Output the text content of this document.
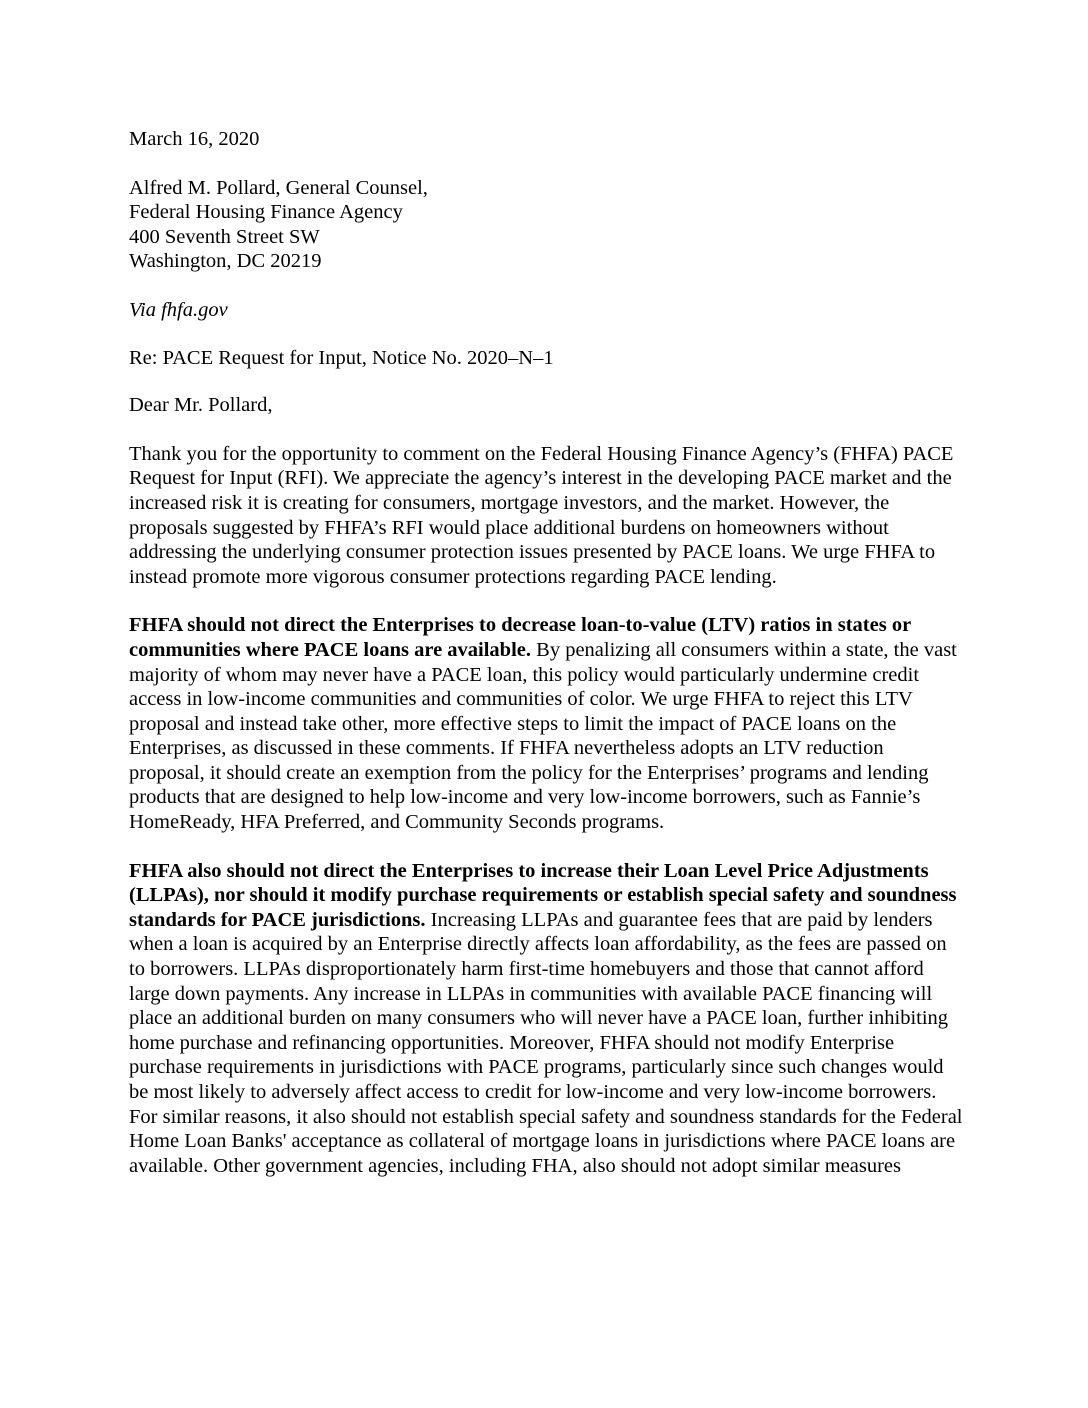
March 16, 2020

Alfred M. Pollard, General Counsel,
Federal Housing Finance Agency
400 Seventh Street SW
Washington, DC 20219

Via fhfa.gov

Re: PACE Request for Input, Notice No. 2020–N–1

Dear Mr. Pollard,

Thank you for the opportunity to comment on the Federal Housing Finance Agency’s (FHFA) PACE Request for Input (RFI). We appreciate the agency’s interest in the developing PACE market and the increased risk it is creating for consumers, mortgage investors, and the market. However, the proposals suggested by FHFA’s RFI would place additional burdens on homeowners without addressing the underlying consumer protection issues presented by PACE loans. We urge FHFA to instead promote more vigorous consumer protections regarding PACE lending.

FHFA should not direct the Enterprises to decrease loan-to-value (LTV) ratios in states or communities where PACE loans are available. By penalizing all consumers within a state, the vast majority of whom may never have a PACE loan, this policy would particularly undermine credit access in low-income communities and communities of color. We urge FHFA to reject this LTV proposal and instead take other, more effective steps to limit the impact of PACE loans on the Enterprises, as discussed in these comments. If FHFA nevertheless adopts an LTV reduction proposal, it should create an exemption from the policy for the Enterprises’ programs and lending products that are designed to help low-income and very low-income borrowers, such as Fannie’s HomeReady, HFA Preferred, and Community Seconds programs.

FHFA also should not direct the Enterprises to increase their Loan Level Price Adjustments (LLPAs), nor should it modify purchase requirements or establish special safety and soundness standards for PACE jurisdictions. Increasing LLPAs and guarantee fees that are paid by lenders when a loan is acquired by an Enterprise directly affects loan affordability, as the fees are passed on to borrowers. LLPAs disproportionately harm first-time homebuyers and those that cannot afford large down payments. Any increase in LLPAs in communities with available PACE financing will place an additional burden on many consumers who will never have a PACE loan, further inhibiting home purchase and refinancing opportunities. Moreover, FHFA should not modify Enterprise purchase requirements in jurisdictions with PACE programs, particularly since such changes would be most likely to adversely affect access to credit for low-income and very low-income borrowers. For similar reasons, it also should not establish special safety and soundness standards for the Federal Home Loan Banks' acceptance as collateral of mortgage loans in jurisdictions where PACE loans are available. Other government agencies, including FHA, also should not adopt similar measures
